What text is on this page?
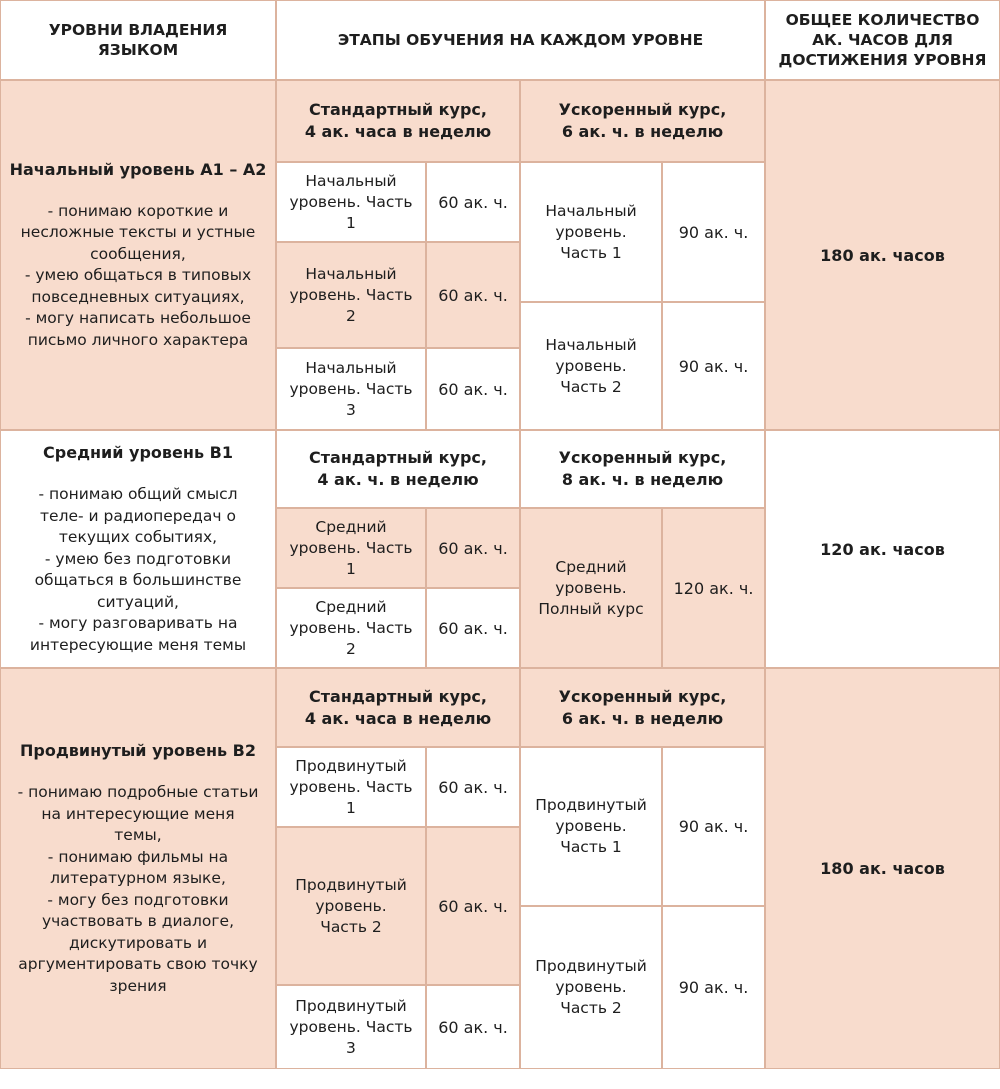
УРОВНИ ВЛАДЕНИЯ
ЯЗЫКОМ
ЭТАПЫ ОБУЧЕНИЯ НА КАЖДОМ УРОВНЕ
ОБЩЕЕ КОЛИЧЕСТВО
АК. ЧАСОВ ДЛЯ
ДОСТИЖЕНИЯ УРОВНЯ
Начальный уровень А1 – А2
- понимаю короткие и
несложные тексты и устные
сообщения,
- умею общаться в типовых
повседневных ситуациях,
- могу написать небольшое
письмо личного характера
Стандартный курс,
4 ак. часа в неделю
Ускоренный курс,
6 ак. ч. в неделю
Начальный
уровень. Часть
1
60 ак. ч.
Начальный
уровень. Часть
2
60 ак. ч.
Начальный
уровень. Часть
3
60 ак. ч.
Начальный
уровень.
Часть 1
90 ак. ч.
Начальный
уровень.
Часть 2
90 ак. ч.
180 ак. часов
Средний уровень В1
- понимаю общий смысл
теле- и радиопередач о
текущих событиях,
- умею без подготовки
общаться в большинстве
ситуаций,
- могу разговаривать на
интересующие меня темы
Стандартный курс,
4 ак. ч. в неделю
Ускоренный курс,
8 ак. ч. в неделю
Средний
уровень. Часть
1
60 ак. ч.
Средний
уровень. Часть
2
60 ак. ч.
Средний
уровень.
Полный курс
120 ак. ч.
120 ак. часов
Продвинутый уровень В2
- понимаю подробные статьи
на интересующие меня
темы,
- понимаю фильмы на
литературном языке,
- могу без подготовки
участвовать в диалоге,
дискутировать и
аргументировать свою точку
зрения
Стандартный курс,
4 ак. часа в неделю
Ускоренный курс,
6 ак. ч. в неделю
Продвинутый
уровень. Часть
1
60 ак. ч.
Продвинутый
уровень.
Часть 2
60 ак. ч.
Продвинутый
уровень. Часть
3
60 ак. ч.
Продвинутый
уровень.
Часть 1
90 ак. ч.
Продвинутый
уровень.
Часть 2
90 ак. ч.
180 ак. часов
